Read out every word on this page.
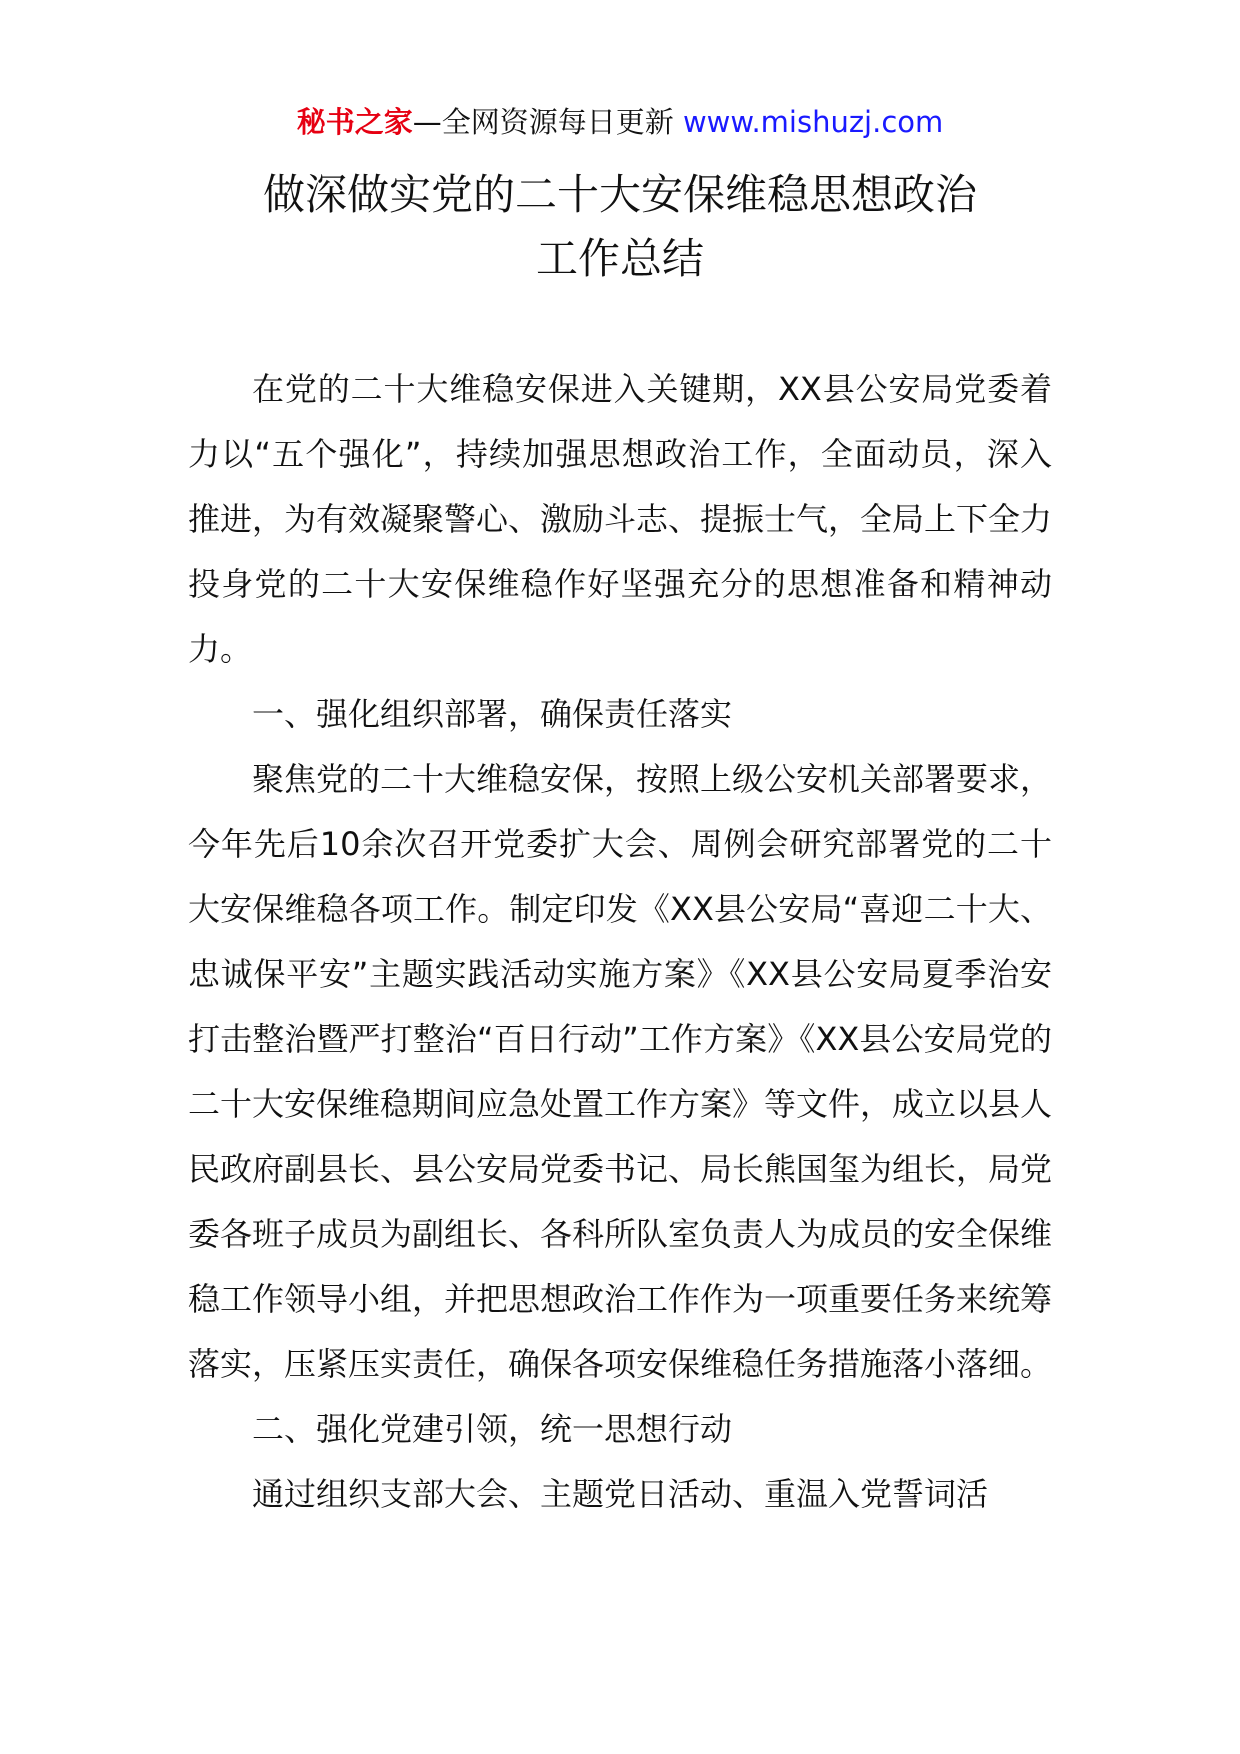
秘书之家—全网资源每日更新 www.mishuzj.com
做深做实党的二十大安保维稳思想政治
工作总结

在党的二十大维稳安保进入关键期，XX县公安局党委着力以“五个强化”，持续加强思想政治工作，全面动员，深入推进，为有效凝聚警心、激励斗志、提振士气，全局上下全力投身党的二十大安保维稳作好坚强充分的思想准备和精神动力。

一、强化组织部署，确保责任落实

聚焦党的二十大维稳安保，按照上级公安机关部署要求，今年先后10余次召开党委扩大会、周例会研究部署党的二十大安保维稳各项工作。制定印发《XX县公安局“喜迎二十大、忠诚保平安”主题实践活动实施方案》《XX县公安局夏季治安打击整治暨严打整治“百日行动”工作方案》《XX县公安局党的二十大安保维稳期间应急处置工作方案》等文件，成立以县人民政府副县长、县公安局党委书记、局长熊国玺为组长，局党委各班子成员为副组长、各科所队室负责人为成员的安全保维稳工作领导小组，并把思想政治工作作为一项重要任务来统筹落实，压紧压实责任，确保各项安保维稳任务措施落小落细。

二、强化党建引领，统一思想行动

通过组织支部大会、主题党日活动、重温入党誓词活
